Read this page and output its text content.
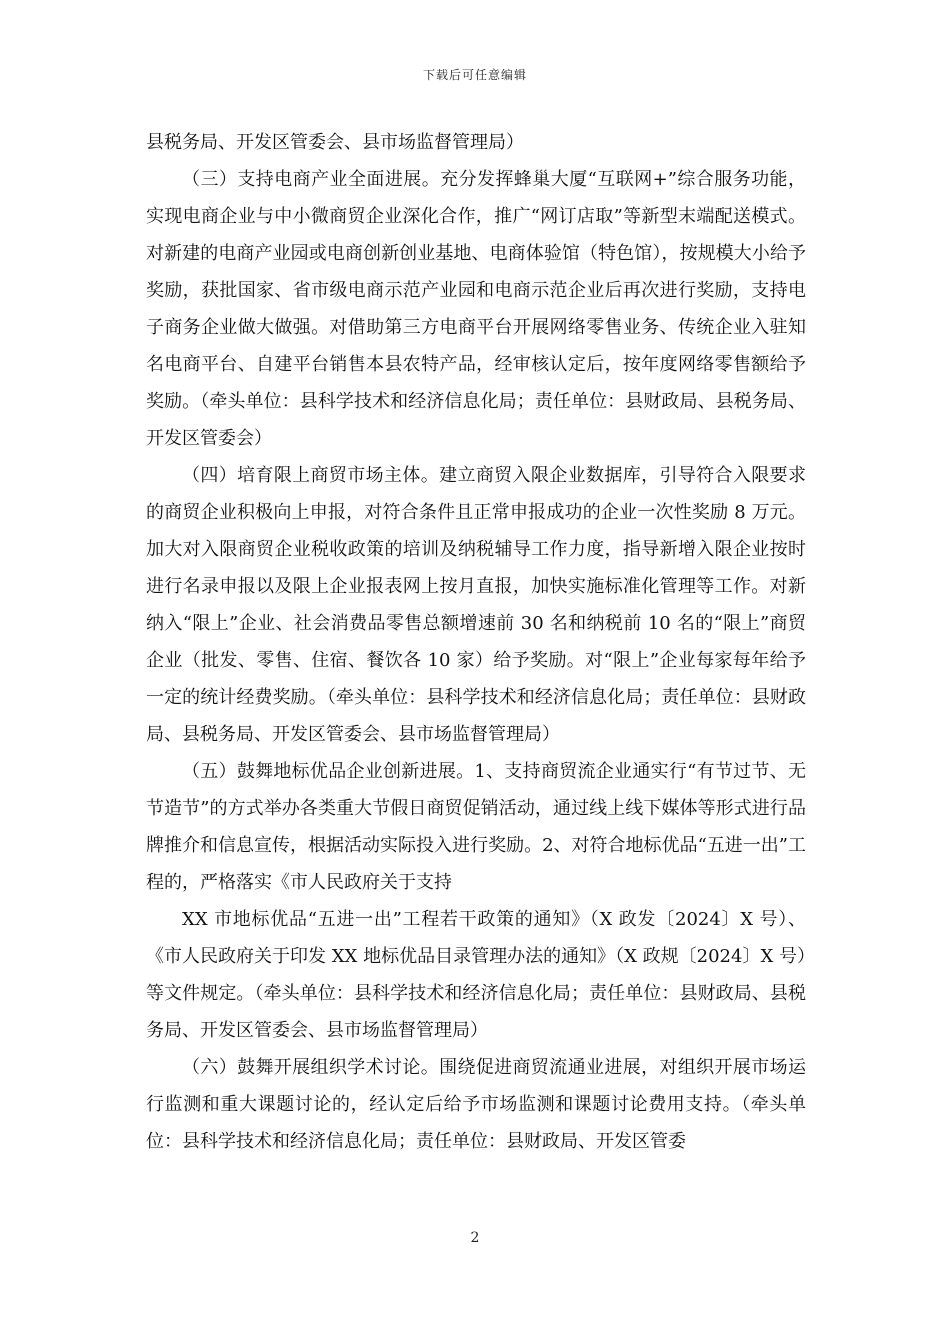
下载后可任意编辑

县税务局、开发区管委会、县市场监督管理局）

（三）支持电商产业全面进展。充分发挥蜂巢大厦“互联网+”综合服务功能，实现电商企业与中小微商贸企业深化合作，推广“网订店取”等新型末端配送模式。对新建的电商产业园或电商创新创业基地、电商体验馆（特色馆），按规模大小给予奖励，获批国家、省市级电商示范产业园和电商示范企业后再次进行奖励，支持电子商务企业做大做强。对借助第三方电商平台开展网络零售业务、传统企业入驻知名电商平台、自建平台销售本县农特产品，经审核认定后，按年度网络零售额给予奖励。（牵头单位：县科学技术和经济信息化局；责任单位：县财政局、县税务局、开发区管委会）

（四）培育限上商贸市场主体。建立商贸入限企业数据库，引导符合入限要求的商贸企业积极向上申报，对符合条件且正常申报成功的企业一次性奖励 8 万元。加大对入限商贸企业税收政策的培训及纳税辅导工作力度，指导新增入限企业按时进行名录申报以及限上企业报表网上按月直报，加快实施标准化管理等工作。对新纳入“限上”企业、社会消费品零售总额增速前 30 名和纳税前 10 名的“限上”商贸企业（批发、零售、住宿、餐饮各 10 家）给予奖励。对“限上”企业每家每年给予一定的统计经费奖励。（牵头单位：县科学技术和经济信息化局；责任单位：县财政局、县税务局、开发区管委会、县市场监督管理局）

（五）鼓舞地标优品企业创新进展。1、支持商贸流企业通实行“有节过节、无节造节”的方式举办各类重大节假日商贸促销活动，通过线上线下媒体等形式进行品牌推介和信息宣传，根据活动实际投入进行奖励。2、对符合地标优品“五进一出”工程的，严格落实《市人民政府关于支持

XX 市地标优品“五进一出”工程若干政策的通知》（X 政发〔2024〕X 号）、《市人民政府关于印发 XX 地标优品目录管理办法的通知》（X 政规〔2024〕X 号）等文件规定。（牵头单位：县科学技术和经济信息化局；责任单位：县财政局、县税务局、开发区管委会、县市场监督管理局）

（六）鼓舞开展组织学术讨论。围绕促进商贸流通业进展，对组织开展市场运行监测和重大课题讨论的，经认定后给予市场监测和课题讨论费用支持。（牵头单位：县科学技术和经济信息化局；责任单位：县财政局、开发区管委

2
